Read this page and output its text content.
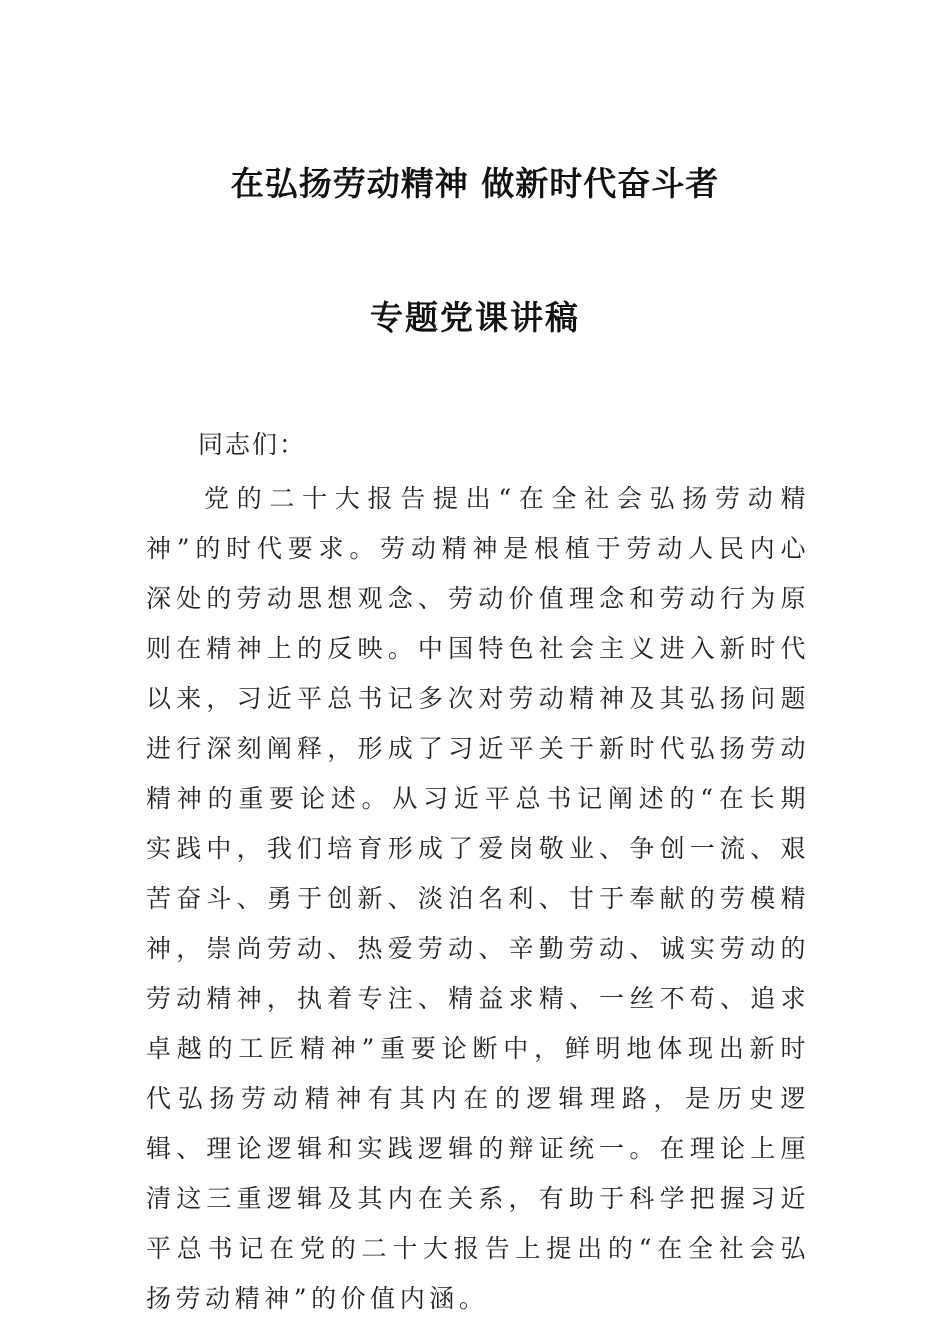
在弘扬劳动精神 做新时代奋斗者
专题党课讲稿

同志们：

党的二十大报告提出“在全社会弘扬劳动精神”的时代要求。劳动精神是根植于劳动人民内心深处的劳动思想观念、劳动价值理念和劳动行为原则在精神上的反映。中国特色社会主义进入新时代以来，习近平总书记多次对劳动精神及其弘扬问题进行深刻阐释，形成了习近平关于新时代弘扬劳动精神的重要论述。从习近平总书记阐述的“在长期实践中，我们培育形成了爱岗敬业、争创一流、艰苦奋斗、勇于创新、淡泊名利、甘于奉献的劳模精神，崇尚劳动、热爱劳动、辛勤劳动、诚实劳动的劳动精神，执着专注、精益求精、一丝不苟、追求卓越的工匠精神”重要论断中，鲜明地体现出新时代弘扬劳动精神有其内在的逻辑理路，是历史逻辑、理论逻辑和实践逻辑的辩证统一。在理论上厘清这三重逻辑及其内在关系，有助于科学把握习近平总书记在党的二十大报告上提出的“在全社会弘扬劳动精神”的价值内涵。
